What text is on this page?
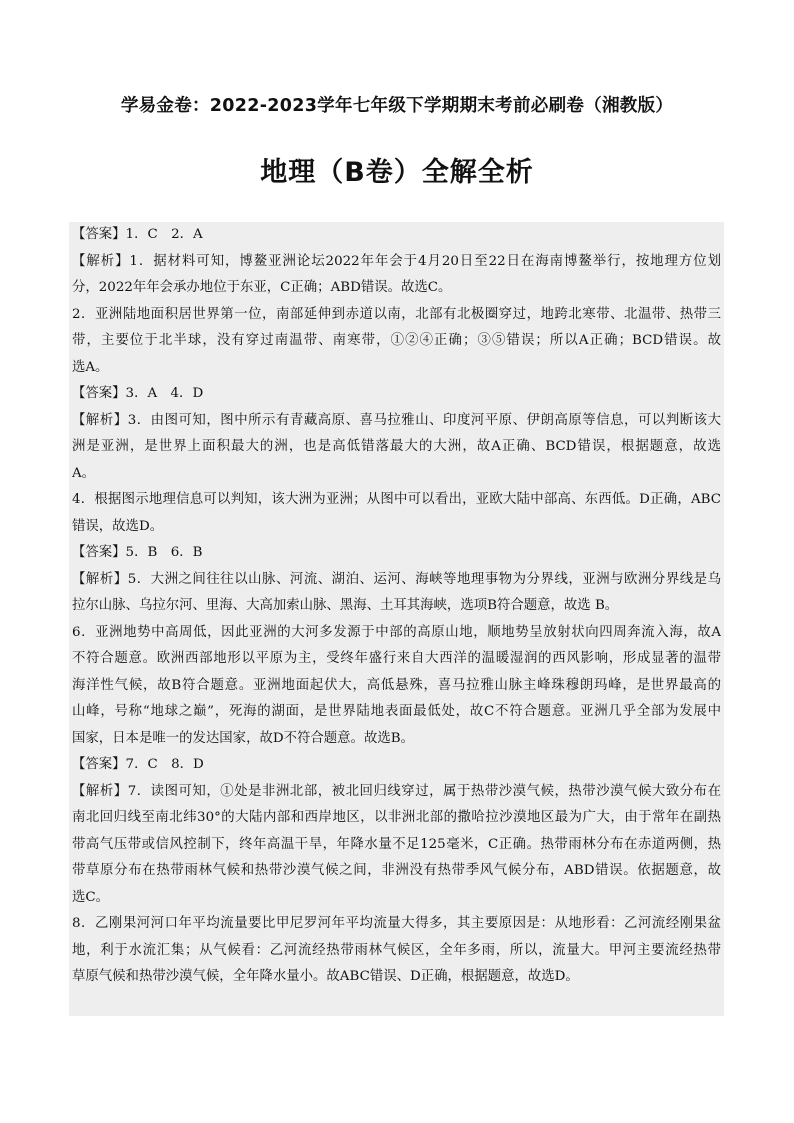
学易金卷：2022-2023学年七年级下学期期末考前必刷卷（湘教版）
地理（B卷）全解全析
【答案】1．C　2．A
【解析】1．据材料可知，博鳌亚洲论坛2022年年会于4月20日至22日在海南博鳌举行，按地理方位划
分，2022年年会承办地位于东亚，C正确；ABD错误。故选C。
2．亚洲陆地面积居世界第一位，南部延伸到赤道以南，北部有北极圈穿过，地跨北寒带、北温带、热带三
带，主要位于北半球，没有穿过南温带、南寒带，①②④正确；③⑤错误；所以A正确；BCD错误。故
选A。
【答案】3．A　4．D
【解析】3．由图可知，图中所示有青藏高原、喜马拉雅山、印度河平原、伊朗高原等信息，可以判断该大
洲是亚洲，是世界上面积最大的洲，也是高低错落最大的大洲，故A正确、BCD错误，根据题意，故选
A。
4．根据图示地理信息可以判知，该大洲为亚洲；从图中可以看出，亚欧大陆中部高、东西低。D正确，ABC
错误，故选D。
【答案】5．B　6．B
【解析】5．大洲之间往往以山脉、河流、湖泊、运河、海峡等地理事物为分界线，亚洲与欧洲分界线是乌
拉尔山脉、乌拉尔河、里海、大高加索山脉、黑海、土耳其海峡，选项B符合题意，故选 B。
6．亚洲地势中高周低，因此亚洲的大河多发源于中部的高原山地，顺地势呈放射状向四周奔流入海，故A
不符合题意。欧洲西部地形以平原为主，受终年盛行来自大西洋的温暖湿润的西风影响，形成显著的温带
海洋性气候，故B符合题意。亚洲地面起伏大，高低悬殊，喜马拉雅山脉主峰珠穆朗玛峰，是世界最高的
山峰，号称“地球之巅”，死海的湖面，是世界陆地表面最低处，故C不符合题意。亚洲几乎全部为发展中
国家，日本是唯一的发达国家，故D不符合题意。故选B。
【答案】7．C　8．D
【解析】7．读图可知，①处是非洲北部，被北回归线穿过，属于热带沙漠气候，热带沙漠气候大致分布在
南北回归线至南北纬30°的大陆内部和西岸地区，以非洲北部的撒哈拉沙漠地区最为广大，由于常年在副热
带高气压带或信风控制下，终年高温干旱，年降水量不足125毫米，C正确。热带雨林分布在赤道两侧，热
带草原分布在热带雨林气候和热带沙漠气候之间，非洲没有热带季风气候分布，ABD错误。依据题意，故
选C。
8．乙刚果河河口年平均流量要比甲尼罗河年平均流量大得多，其主要原因是：从地形看：乙河流经刚果盆
地，利于水流汇集；从气候看：乙河流经热带雨林气候区，全年多雨，所以，流量大。甲河主要流经热带
草原气候和热带沙漠气候，全年降水量小。故ABC错误、D正确，根据题意，故选D。
